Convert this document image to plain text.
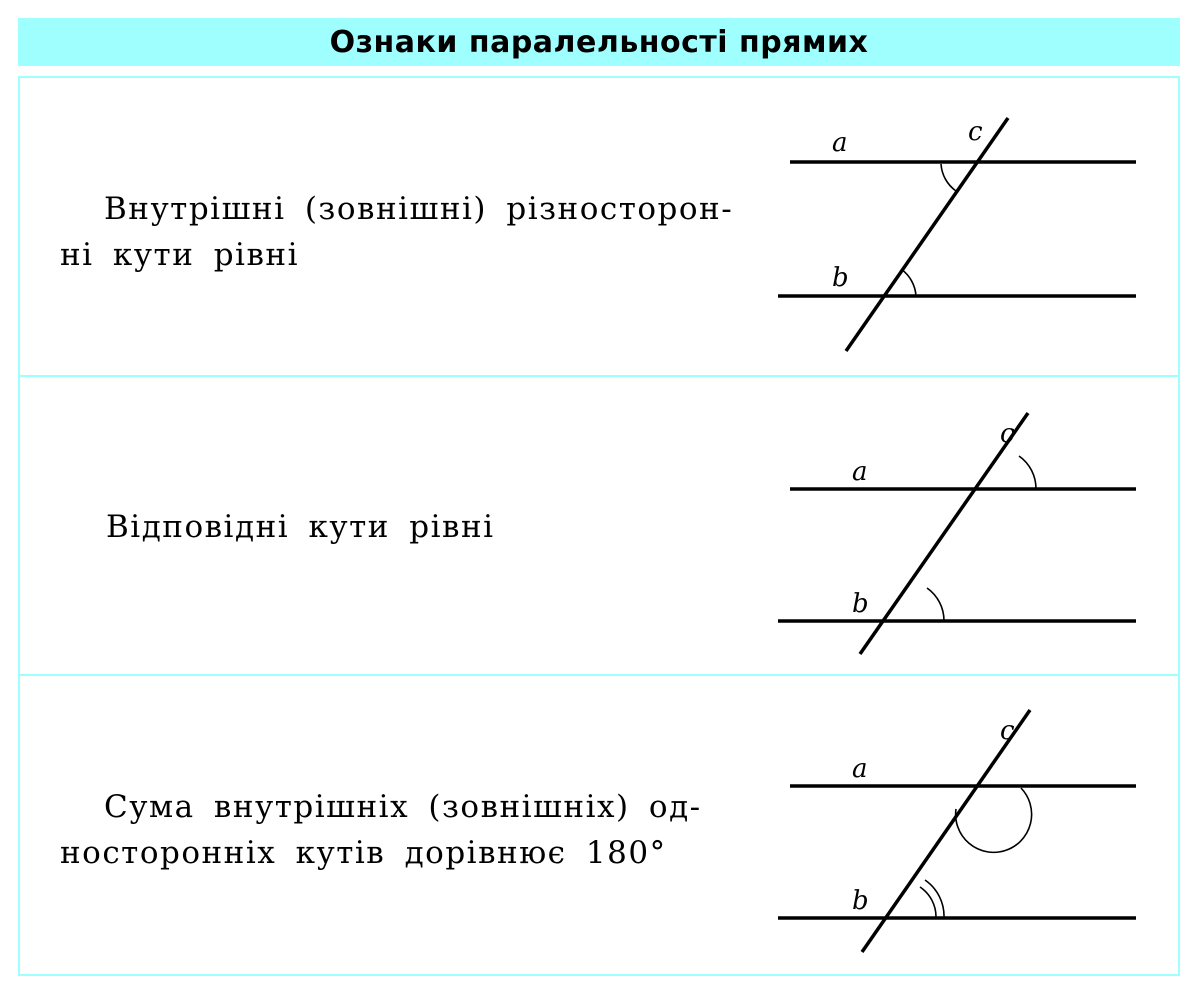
Ознаки паралельності прямих
Внутрішні (зовнішні) різносторон-
ні кути рівні
a	c
b
Відповідні кути рівні
a
c
b
Сума внутрішніх (зовнішніх) од-
носторонніх кутів дорівнює 180°
a
c
b
